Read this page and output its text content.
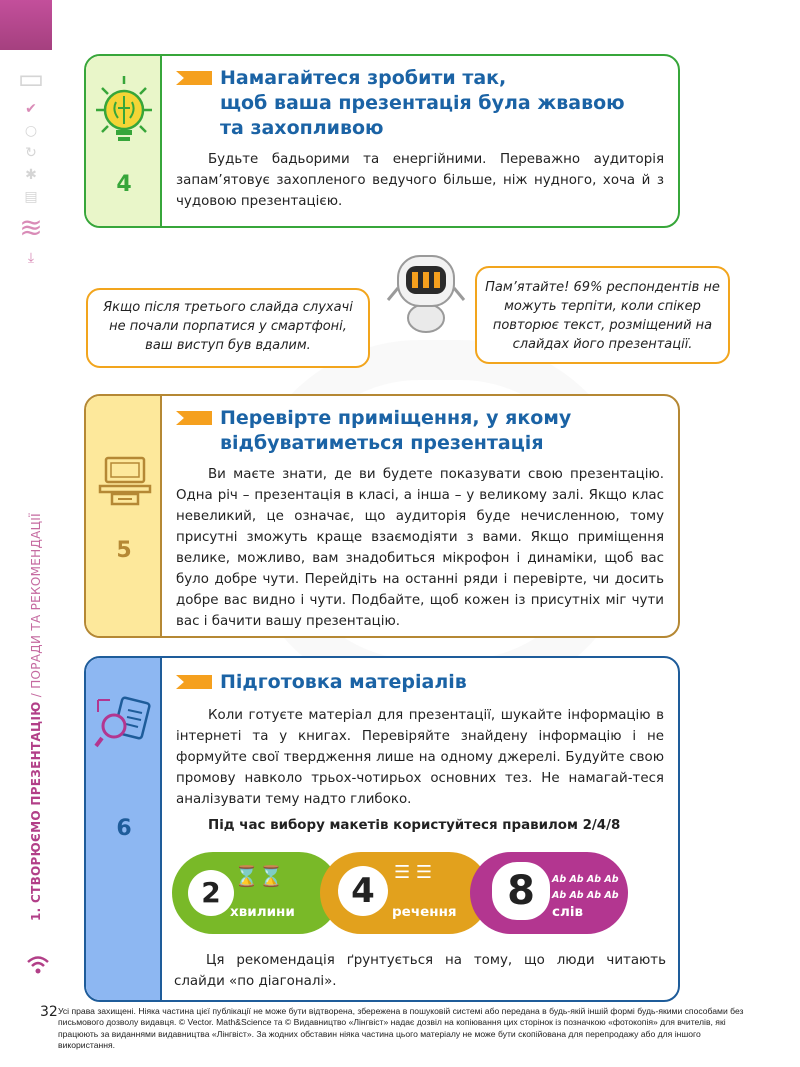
▭
✔
○
↻
✱
▤
≋
⤓
1. СТВОРЮЄМО ПРЕЗЕНТАЦІЮ / ПОРАДИ ТА РЕКОМЕНДАЦІЇ
4
Намагайтеся зробити так,
щоб ваша презентація була жвавою
та захопливою

Будьте бадьорими та енергійними. Переважно аудиторія запам’ятовує захопленого ведучого більше, ніж нудного, хоча й з чудовою презентацією.

Якщо після третього слайда слухачі не почали порпатися у смартфоні, ваш виступ був вдалим.
Пам’ятайте! 69% респондентів не можуть терпіти, коли спікер повторює текст, розміщений на слайдах його презентації.
5
Перевірте приміщення, у якому
відбуватиметься презентація

Ви маєте знати, де ви будете показувати свою презентацію. Одна річ – презентація в класі, а інша – у великому залі. Якщо клас невеликий, це означає, що аудиторія буде нечисленною, тому присутні зможуть краще взаємодіяти з вами. Якщо приміщення велике, можливо, вам знадобиться мікрофон і динаміки, щоб вас було добре чути. Перейдіть на останні ряди і перевірте, чи досить добре вас видно і чути. Подбайте, щоб кожен із присутніх міг чути вас і бачити вашу презентацію.

6
Підготовка матеріалів

Коли готуєте матеріал для презентації, шукайте інформацію в інтернеті та у книгах. Перевіряйте знайдену інформацію і не формуйте свої твердження лише на одному джерелі. Будуйте свою промову навколо трьох-чотирьох основних тез. Не намагай-теся аналізувати тему надто глибоко.

Під час вибору макетів користуйтеся правилом 2/4/8
2 ⌛⌛
хвилини
4	☰ ☰
речення	8	слів
Ab Ab Ab Ab
Ab Ab Ab Ab

Ця рекомендація ґрунтується на тому, що люди читають слайди «по діагоналі».

32 Усі права захищені. Ніяка частина цієї публікації не може бути відтворена, збережена в пошуковій системі або передана в будь-якій іншій формі будь-якими способами без письмового дозволу видавця. © Vector. Math&Science та © Видавництво «Лінгвіст» надає дозвіл на копіювання цих сторінок із позначкою «фотокопія» для вчителів, які працюють за виданнями видавництва «Лінгвіст». За жодних обставин ніяка частина цього матеріалу не може бути скопійована для перепродажу або для іншого використання.
